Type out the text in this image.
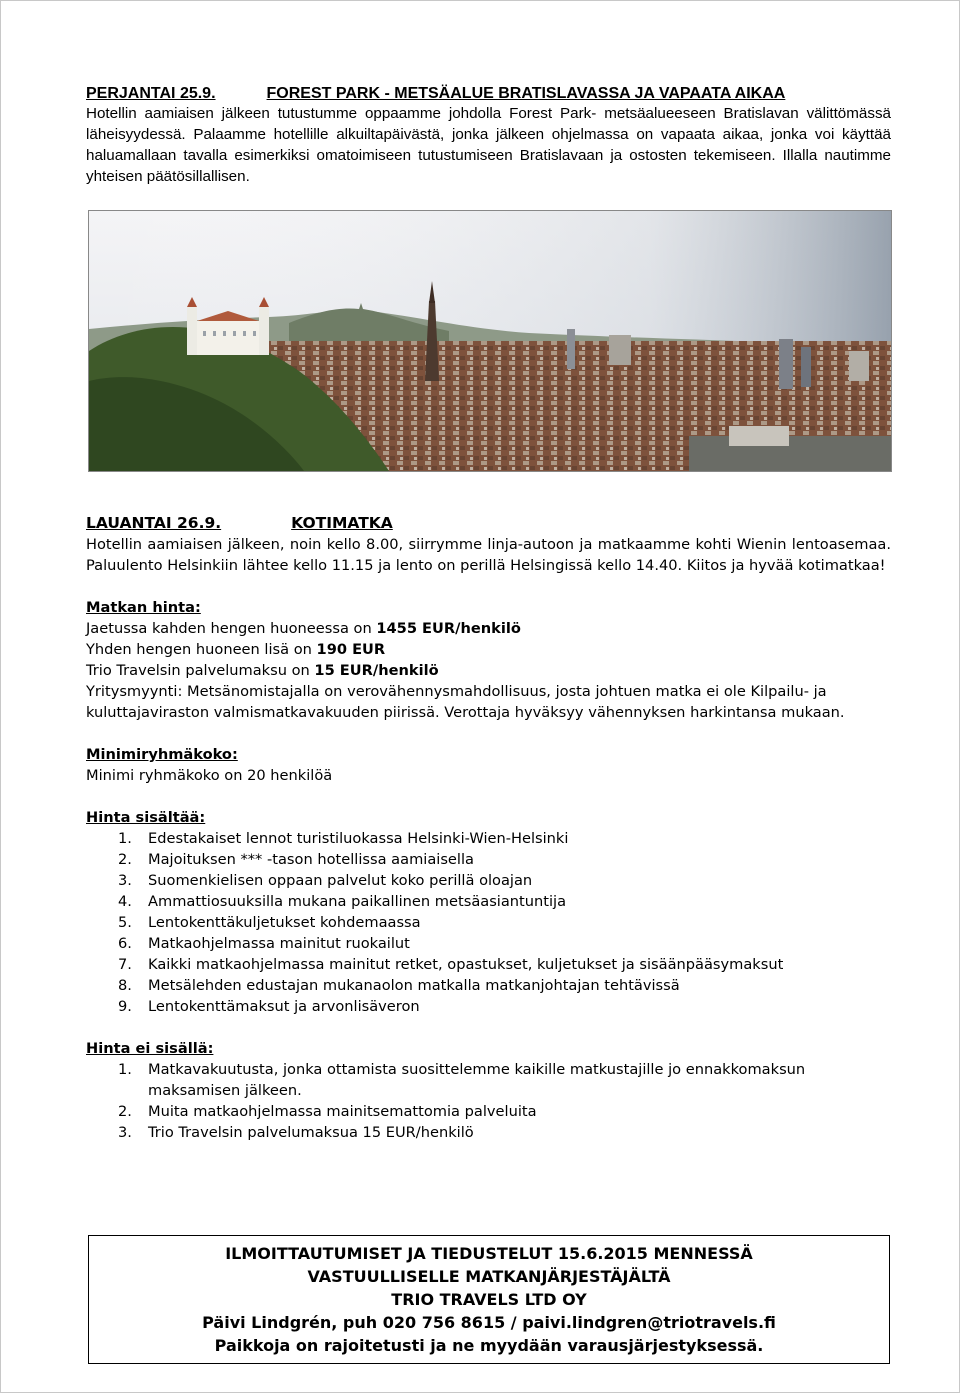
PERJANTAI 25.9.	FOREST PARK - METSÄALUE BRATISLAVASSA JA VAPAATA AIKAA
Hotellin aamiaisen jälkeen tutustumme oppaamme johdolla Forest Park- metsäalueeseen Bratislavan välittömässä läheisyydessä. Palaamme hotellille alkuiltapäivästä, jonka jälkeen ohjelmassa on vapaata aikaa, jonka voi käyttää haluamallaan tavalla esimerkiksi omatoimiseen tutustumiseen Bratislavaan ja ostosten tekemiseen. Illalla nautimme yhteisen päätösillallisen.
LAUANTAI 26.9.	KOTIMATKA
Hotellin aamiaisen jälkeen, noin kello 8.00, siirrymme linja-autoon ja matkaamme kohti Wienin lentoasemaa. Paluulento Helsinkiin lähtee kello 11.15 ja lento on perillä Helsingissä kello 14.40. Kiitos ja hyvää kotimatkaa!
Matkan hinta:
Jaetussa kahden hengen huoneessa on 1455 EUR/henkilö
Yhden hengen huoneen lisä on 190 EUR
Trio Travelsin palvelumaksu on 15 EUR/henkilö
Yritysmyynti: Metsänomistajalla on verovähennysmahdollisuus, josta johtuen matka ei ole Kilpailu- ja kuluttajaviraston valmismatkavakuuden piirissä. Verottaja hyväksyy vähennyksen harkintansa mukaan.
Minimiryhmäkoko:
Minimi ryhmäkoko on 20 henkilöä
Hinta sisältää:
1. Edestakaiset lennot turistiluokassa Helsinki-Wien-Helsinki
2. Majoituksen *** -tason hotellissa aamiaisella
3. Suomenkielisen oppaan palvelut koko perillä oloajan
4. Ammattiosuuksilla mukana paikallinen metsäasiantuntija
5. Lentokenttäkuljetukset kohdemaassa
6. Matkaohjelmassa mainitut ruokailut
7. Kaikki matkaohjelmassa mainitut retket, opastukset, kuljetukset ja sisäänpääsymaksut
8. Metsälehden edustajan mukanaolon matkalla matkanjohtajan tehtävissä
9. Lentokenttämaksut ja arvonlisäveron
Hinta ei sisällä:
1. Matkavakuutusta, jonka ottamista suosittelemme kaikille matkustajille jo ennakkomaksun maksamisen jälkeen.
2. Muita matkaohjelmassa mainitsemattomia palveluita
3. Trio Travelsin palvelumaksua 15 EUR/henkilö
ILMOITTAUTUMISET JA TIEDUSTELUT 15.6.2015 MENNESSÄ
VASTUULLISELLE MATKANJÄRJESTÄJÄLTÄ
TRIO TRAVELS LTD OY
Päivi Lindgrén, puh 020 756 8615 / paivi.lindgren@triotravels.fi
Paikkoja on rajoitetusti ja ne myydään varausjärjestyksessä.
